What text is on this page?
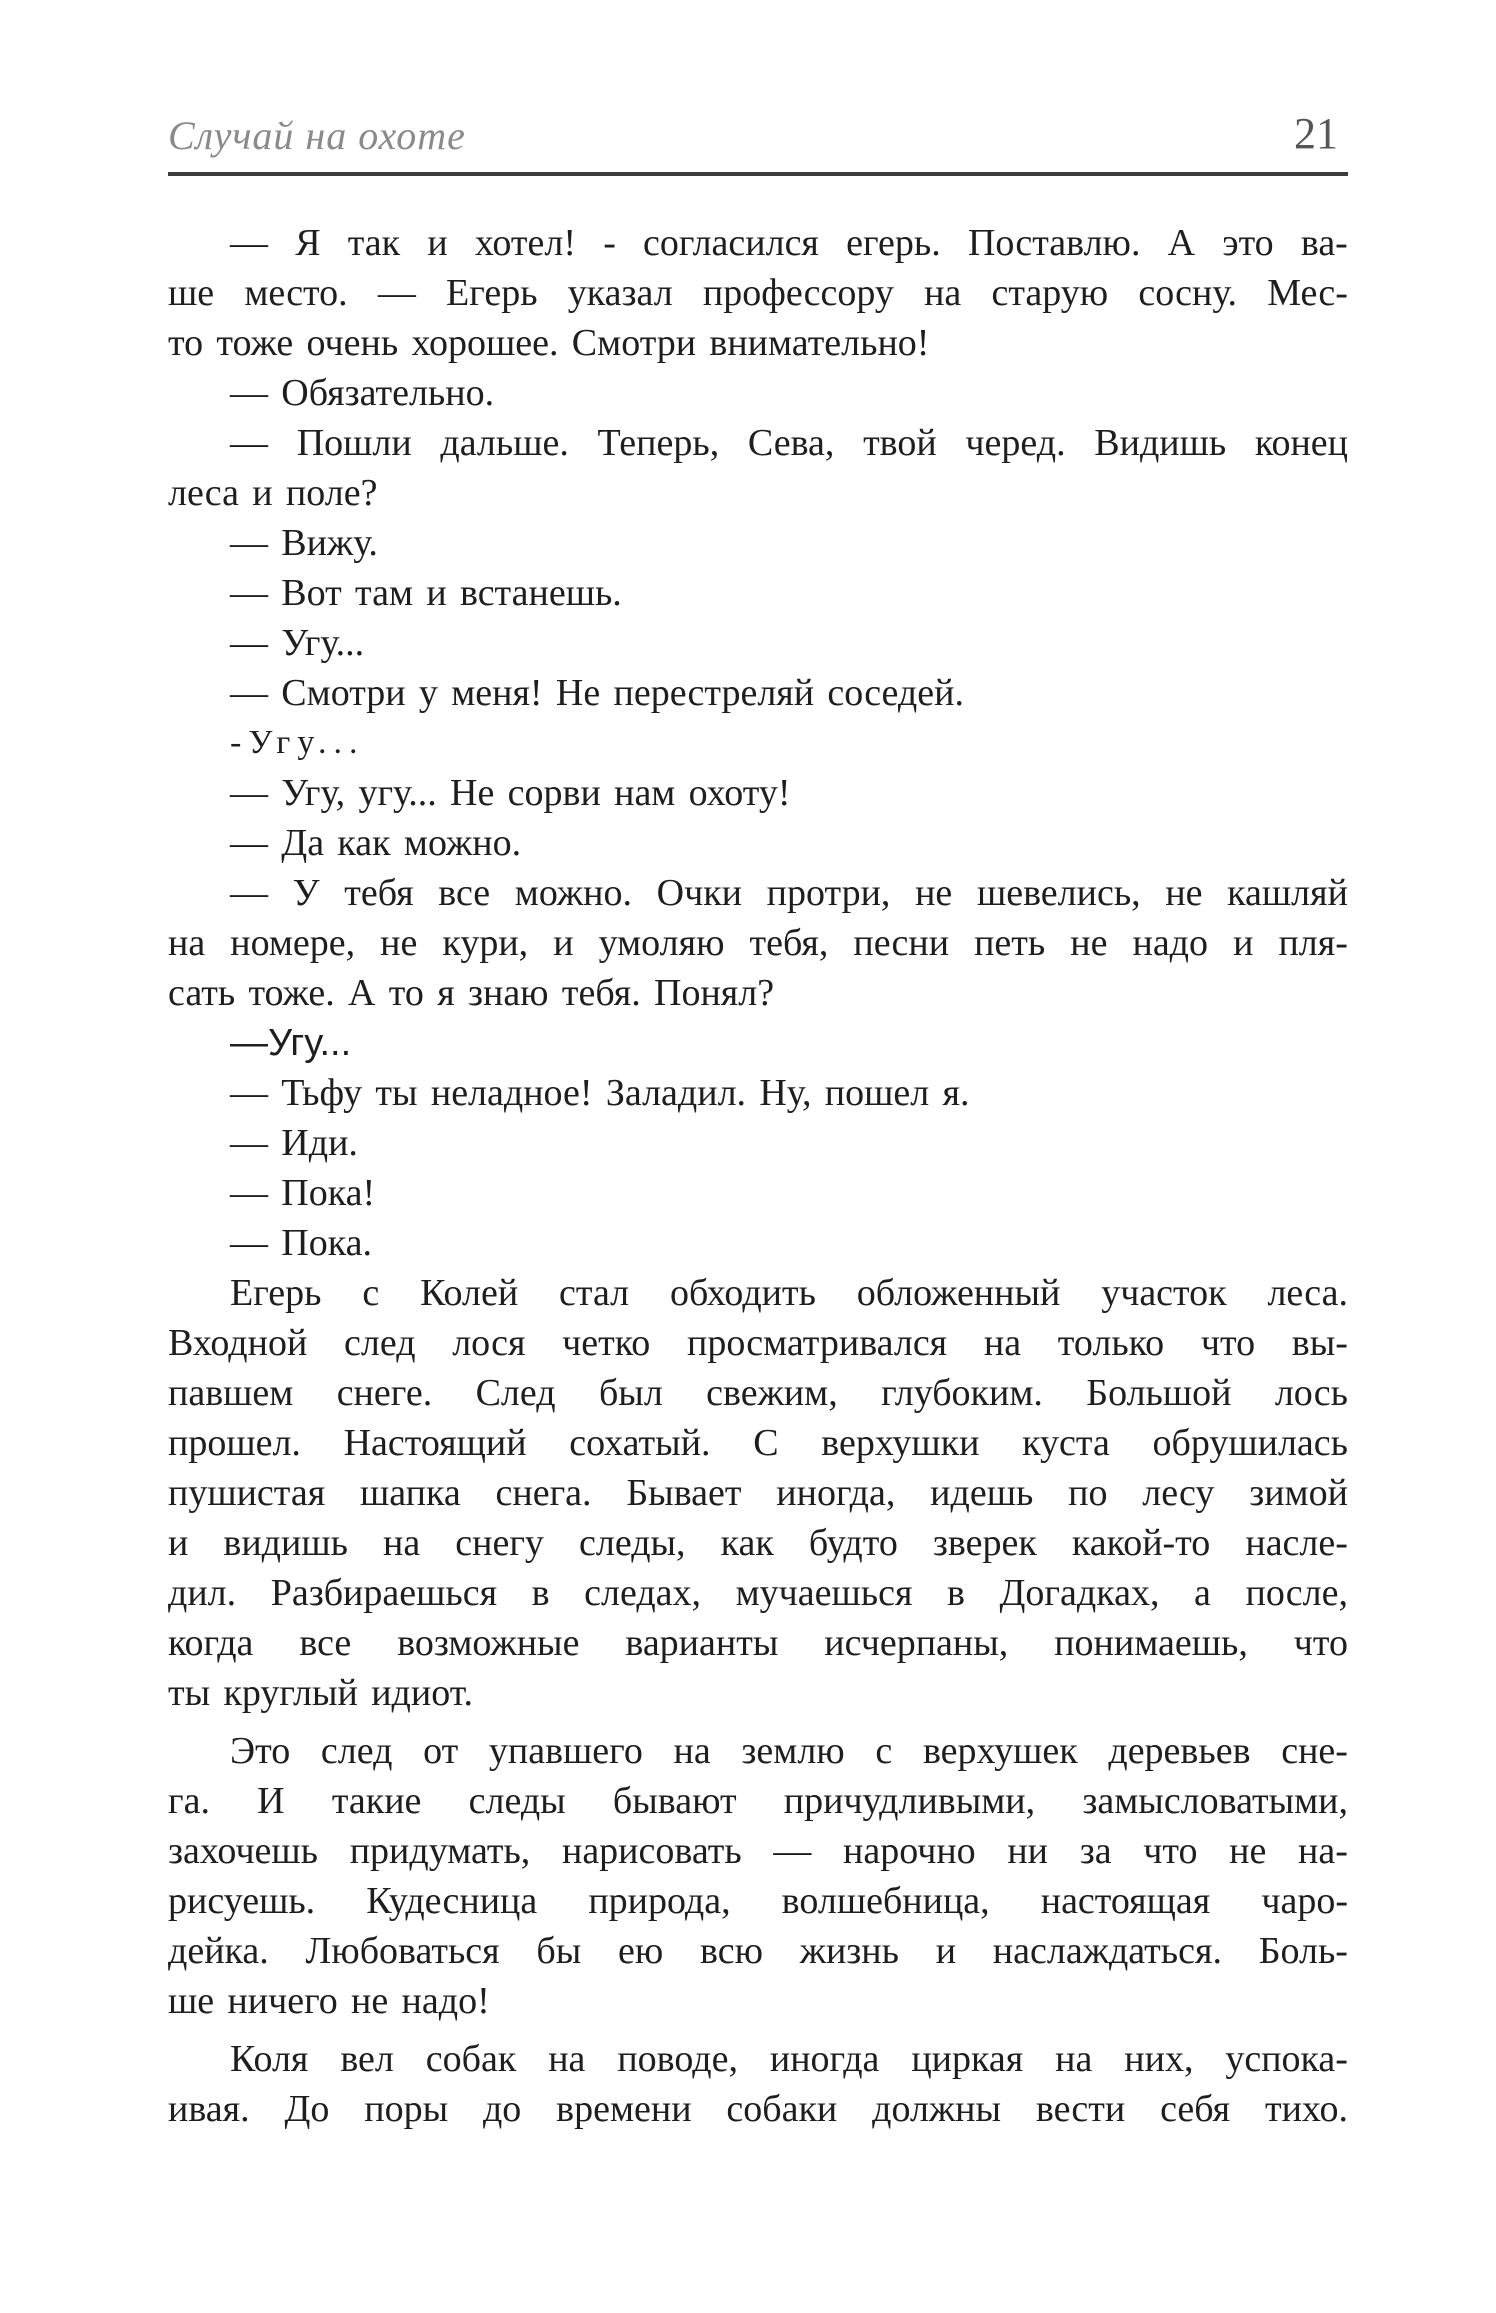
Случай на охоте	21
— Я так и хотел! - согласился егерь. Поставлю. А это ва-
ше место. — Егерь указал профессору на старую сосну. Мес-
то тоже очень хорошее. Смотри внимательно!
— Обязательно.
— Пошли дальше. Теперь, Сева, твой черед. Видишь конец
леса и поле?
— Вижу.
— Вот там и встанешь.
— Угу...
— Смотри у меня! Не перестреляй соседей.
-Угу...
— Угу, угу... Не сорви нам охоту!
— Да как можно.
— У тебя все можно. Очки протри, не шевелись, не кашляй
на номере, не кури, и умоляю тебя, песни петь не надо и пля-
сать тоже. А то я знаю тебя. Понял?
—Угу...
— Тьфу ты неладное! Заладил. Ну, пошел я.
— Иди.
— Пока!
— Пока.
Егерь с Колей стал обходить обложенный участок леса.
Входной след лося четко просматривался на только что вы-
павшем снеге. След был свежим, глубоким. Большой лось
прошел. Настоящий сохатый. С верхушки куста обрушилась
пушистая шапка снега. Бывает иногда, идешь по лесу зимой
и видишь на снегу следы, как будто зверек какой-то насле-
дил. Разбираешься в следах, мучаешься в Догадках, а после,
когда все возможные варианты исчерпаны, понимаешь, что
ты круглый идиот.
Это след от упавшего на землю с верхушек деревьев сне-
га. И такие следы бывают причудливыми, замысловатыми,
захочешь придумать, нарисовать — нарочно ни за что не на-
рисуешь. Кудесница природа, волшебница, настоящая чаро-
дейка. Любоваться бы ею всю жизнь и наслаждаться. Боль-
ше ничего не надо!
Коля вел собак на поводе, иногда циркая на них, успока-
ивая. До поры до времени собаки должны вести себя тихо.
